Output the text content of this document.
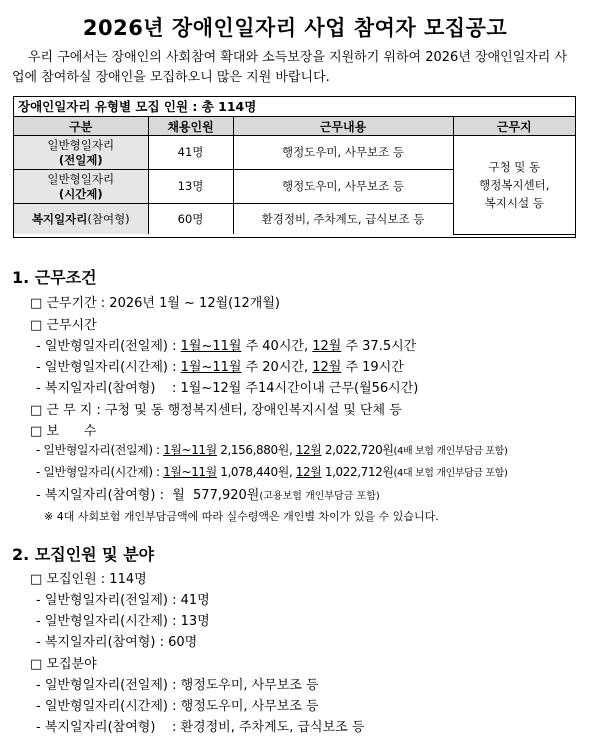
2026년 장애인일자리 사업 참여자 모집공고
우리 구에서는 장애인의 사회참여 확대와 소득보장을 지원하기 위하여 2026년 장애인일자리 사업에 참여하실 장애인을 모집하오니 많은 지원 바랍니다.
장애인일자리 유형별 모집 인원 : 총 114명
구분	채용인원	근무내용	근무지
일반형일자리
(전일제)	41명	행정도우미, 사무보조 등	구청 및 동
행정복지센터,
복지시설 등
일반형일자리
(시간제)	13명	행정도우미, 사무보조 등	
복지일자리(참여형)	60명	환경정비, 주차계도, 급식보조 등	
1. 근무조건
□ 근무기간 : 2026년 1월 ~ 12월(12개월)
□ 근무시간
- 일반형일자리(전일제) : 1월~11월 주 40시간, 12월 주 37.5시간
- 일반형일자리(시간제) : 1월~11월 주 20시간, 12월 주 19시간
- 복지일자리(참여형)    : 1월~12월 주14시간이내 근무(월56시간)
□ 근 무 지 : 구청 및 동 행정복지센터, 장애인복지시설 및 단체 등
□ 보      수
- 일반형일자리(전일제) : 1월~11월 2,156,880원, 12월 2,022,720원(4배 보험 개인부담금 포함)
- 일반형일자리(시간제) : 1월~11월 1,078,440원, 12월 1,022,712원(4대 보험 개인부담금 포함)
- 복지일자리(참여형) :  월  577,920원(고용보험 개인부담금 포함)
※ 4대 사회보험 개인부담금액에 따라 실수령액은 개인별 차이가 있을 수 있습니다.
2. 모집인원 및 분야
□ 모집인원 : 114명
- 일반형일자리(전일제) : 41명
- 일반형일자리(시간제) : 13명
- 복지일자리(참여형) : 60명
□ 모집분야
- 일반형일자리(전일제) : 행정도우미, 사무보조 등
- 일반형일자리(시간제) : 행정도우미, 사무보조 등
- 복지일자리(참여형)    : 환경정비, 주차계도, 급식보조 등
